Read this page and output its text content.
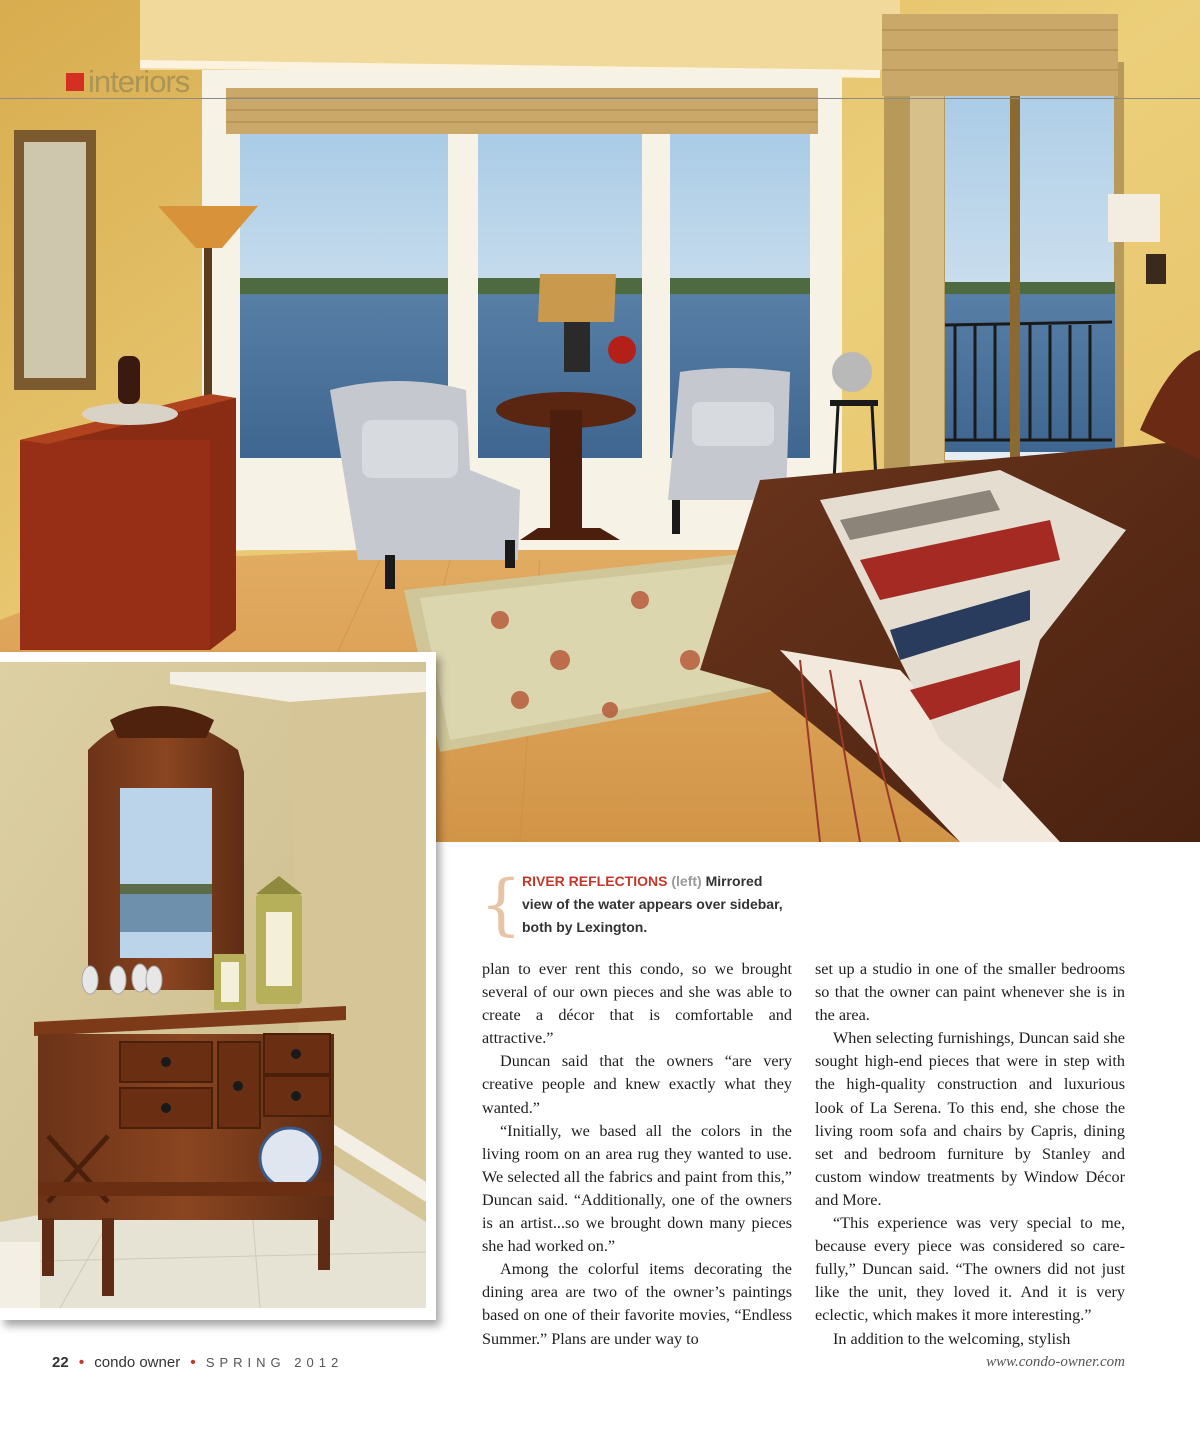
interiors
{ RIVER REFLECTIONS (left) Mirrored view of the water appears over sidebar, both by Lexington.

plan to ever rent this condo, so we brought several of our own pieces and she was able to create a décor that is comfortable and attractive.”

Duncan said that the owners “are very creative people and knew exactly what they wanted.”

“Initially, we based all the colors in the living room on an area rug they wanted to use. We selected all the fabrics and paint from this,” Duncan said. “Additionally, one of the owners is an artist...so we brought down many pieces she had worked on.”

Among the colorful items decorating the dining area are two of the owner’s paintings based on one of their favorite movies, “Endless Summer.” Plans are under way to

set up a studio in one of the smaller bedrooms so that the owner can paint whenever she is in the area.

When selecting furnishings, Duncan said she sought high-end pieces that were in step with the high-quality construction and luxurious look of La Serena. To this end, she chose the living room sofa and chairs by Capris, dining set and bedroom furniture by Stanley and custom window treatments by Window Décor and More.

“This experience was very special to me, because every piece was considered so carefully,” Duncan said. “The owners did not just like the unit, they loved it. And it is very eclectic, which makes it more interesting.”

In addition to the welcoming, stylish

22 • condo owner • SPRING 2012	www.condo-owner.com
